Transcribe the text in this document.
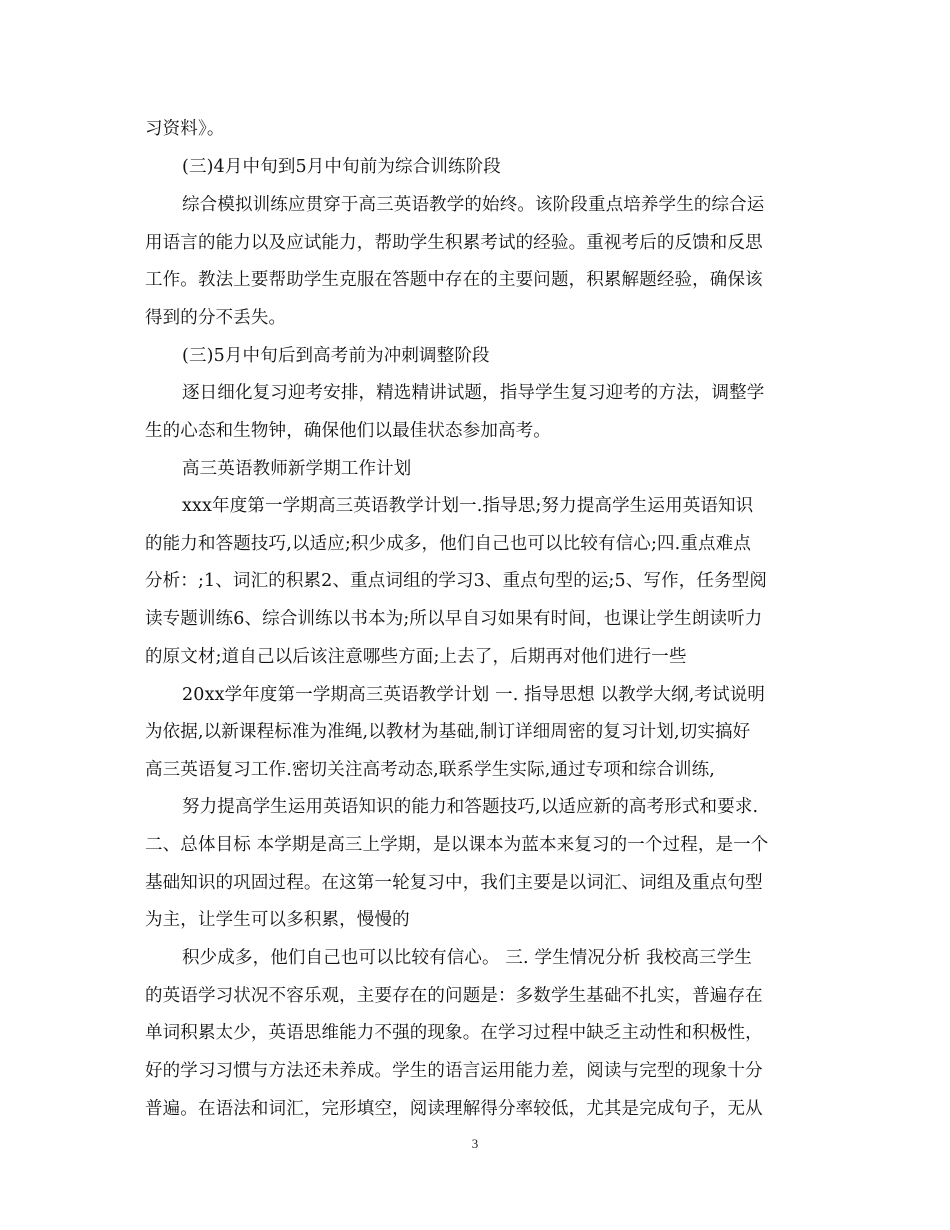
习资料》。
(三)4月中旬到5月中旬前为综合训练阶段
综合模拟训练应贯穿于高三英语教学的始终。该阶段重点培养学生的综合运
用语言的能力以及应试能力，帮助学生积累考试的经验。重视考后的反馈和反思
工作。教法上要帮助学生克服在答题中存在的主要问题，积累解题经验，确保该
得到的分不丢失。
(三)5月中旬后到高考前为冲刺调整阶段
逐日细化复习迎考安排，精选精讲试题，指导学生复习迎考的方法，调整学
生的心态和生物钟，确保他们以最佳状态参加高考。
高三英语教师新学期工作计划
xxx年度第一学期高三英语教学计划一.指导思;努力提高学生运用英语知识
的能力和答题技巧,以适应;积少成多，他们自己也可以比较有信心;四.重点难点
分析：;1、词汇的积累2、重点词组的学习3、重点句型的运;5、写作，任务型阅
读专题训练6、综合训练以书本为;所以早自习如果有时间，也课让学生朗读听力
的原文材;道自己以后该注意哪些方面;上去了，后期再对他们进行一些
20xx学年度第一学期高三英语教学计划 一. 指导思想 以教学大纲,考试说明
为依据,以新课程标准为准绳,以教材为基础,制订详细周密的复习计划,切实搞好
高三英语复习工作.密切关注高考动态,联系学生实际,通过专项和综合训练,
努力提高学生运用英语知识的能力和答题技巧,以适应新的高考形式和要求.
二、总体目标 本学期是高三上学期，是以课本为蓝本来复习的一个过程，是一个
基础知识的巩固过程。在这第一轮复习中，我们主要是以词汇、词组及重点句型
为主，让学生可以多积累，慢慢的
积少成多，他们自己也可以比较有信心。 三. 学生情况分析 我校高三学生
的英语学习状况不容乐观，主要存在的问题是：多数学生基础不扎实，普遍存在
单词积累太少，英语思维能力不强的现象。在学习过程中缺乏主动性和积极性，
好的学习习惯与方法还未养成。学生的语言运用能力差，阅读与完型的现象十分
普遍。在语法和词汇，完形填空，阅读理解得分率较低，尤其是完成句子，无从
3
